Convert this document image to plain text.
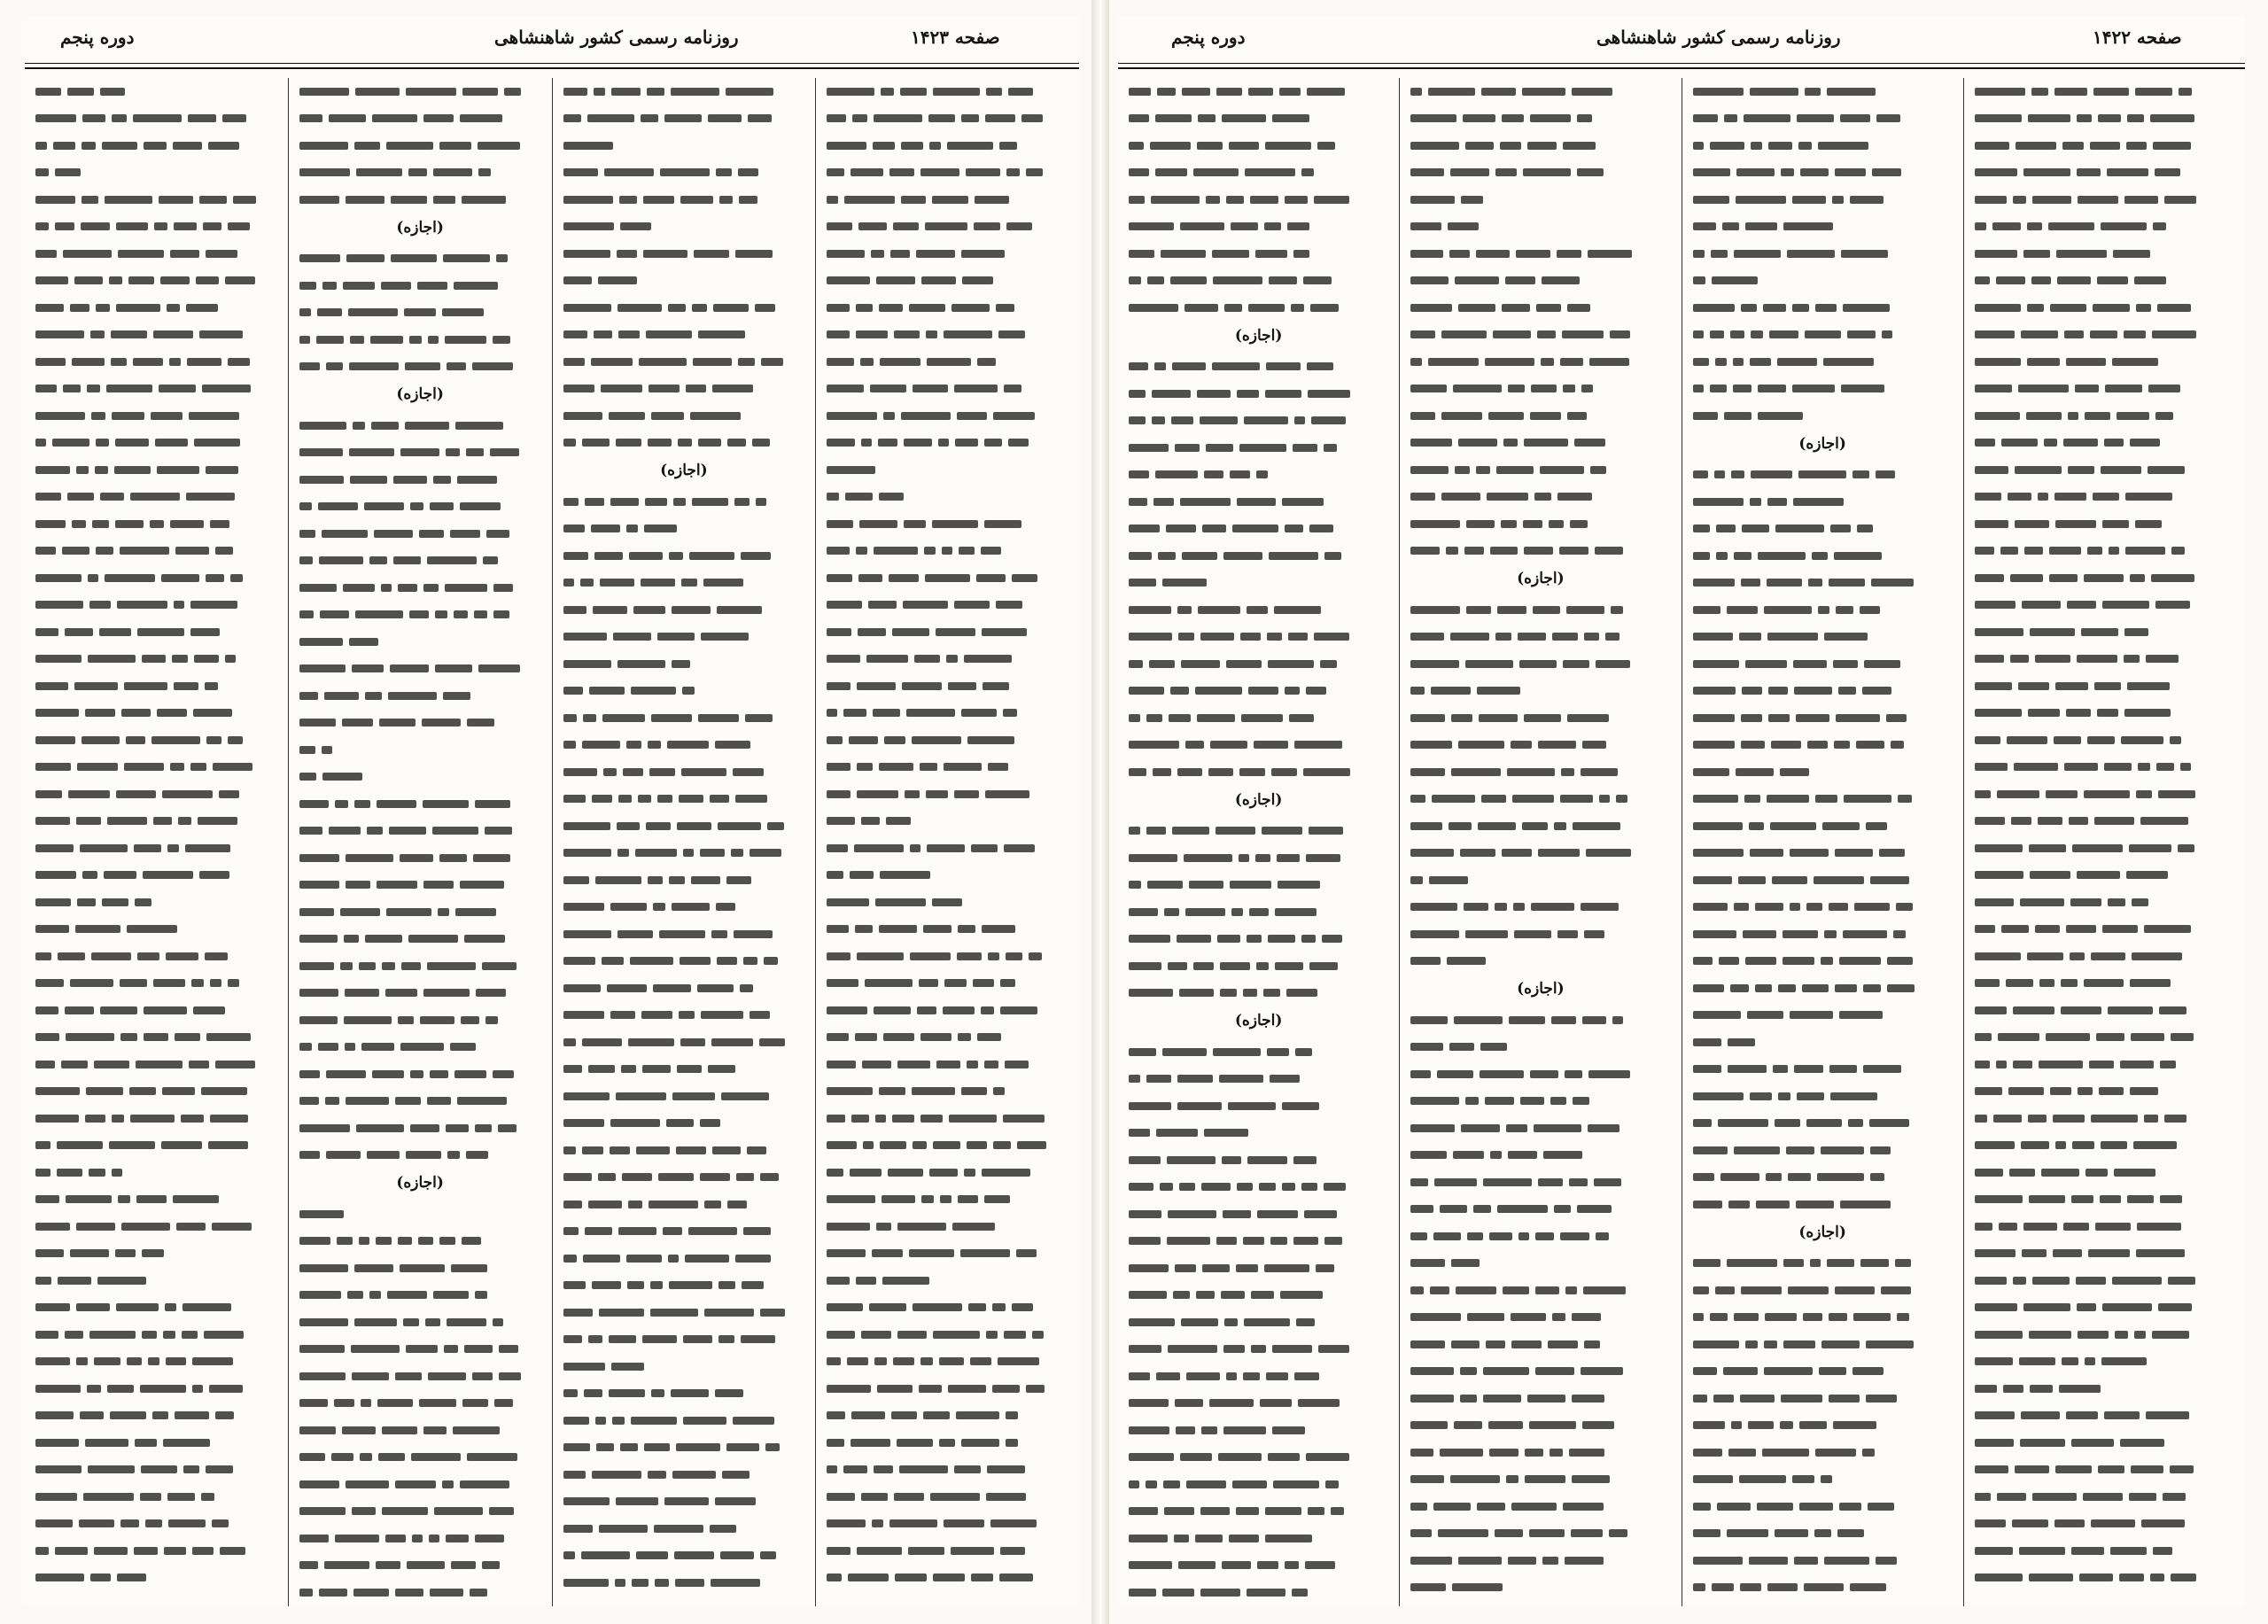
دوره پنجم	روزنامه رسمی کشور شاهنشاهی	صفحه ۱۴۲۳
(اجازه)
(اجازه)
(اجازه)
(اجازه)
دوره پنجم	روزنامه رسمی کشور شاهنشاهی	صفحه ۱۴۲۲
(اجازه)
(اجازه)
(اجازه)
(اجازه)
(اجازه)
(اجازه)
(اجازه)
